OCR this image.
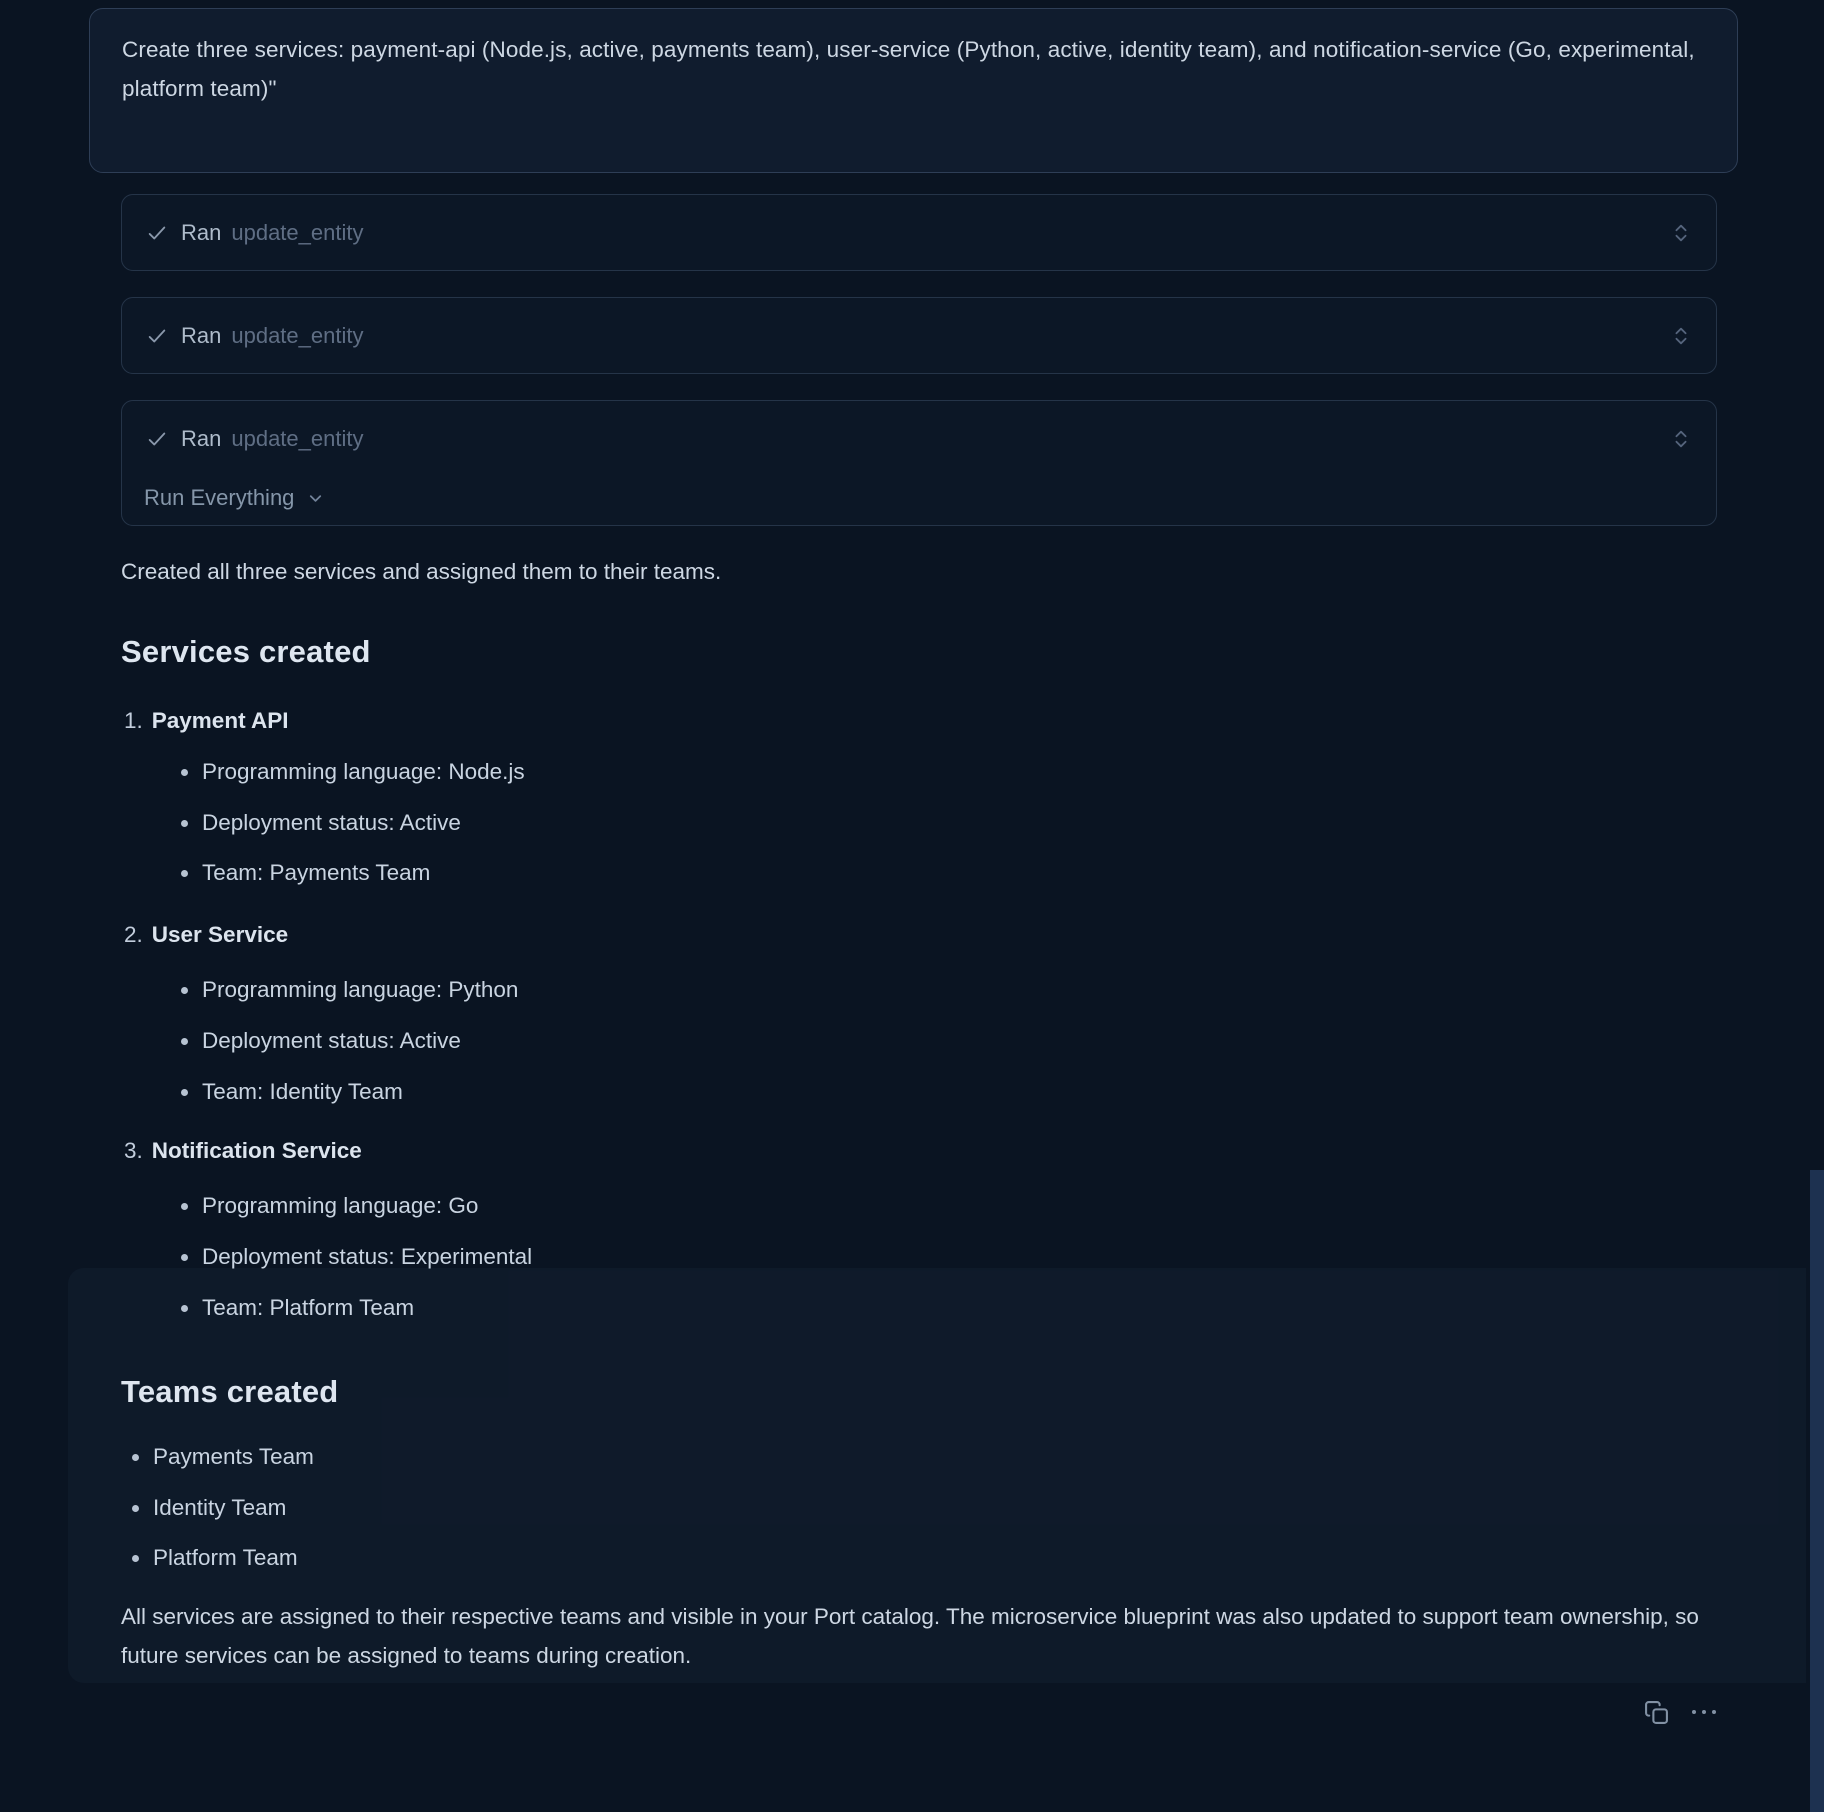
Create three services: payment-api (Node.js, active, payments team), user-service (Python, active, identity team), and notification-service (Go, experimental, platform team)"
Ran update_entity
Ran update_entity
Ran update_entity
Run Everything
Created all three services and assigned them to their teams.
Services created
1. Payment API
Programming language: Node.js
Deployment status: Active
Team: Payments Team
2. User Service
Programming language: Python
Deployment status: Active
Team: Identity Team
3. Notification Service
Programming language: Go
Deployment status: Experimental
Team: Platform Team
Teams created
Payments Team
Identity Team
Platform Team
All services are assigned to their respective teams and visible in your Port catalog. The microservice blueprint was also updated to support team ownership, so future services can be assigned to teams during creation.
